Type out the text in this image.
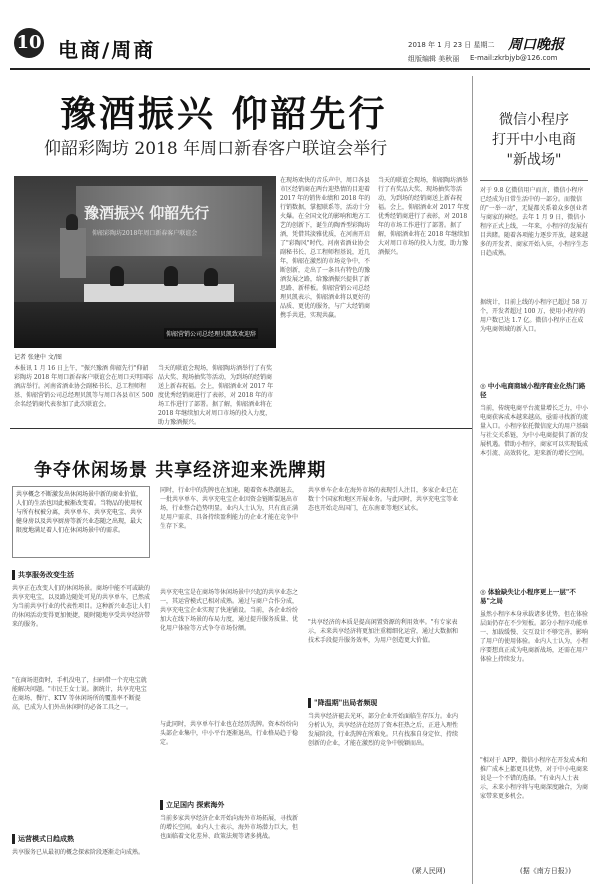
10 电商/周商	2018 年 1 月 23 日 星期二
组版编辑 美秋丽 E-mail:zkrbjyb@126.com
周口晚报
豫酒振兴 仰韶先行
仰韶彩陶坊 2018 年周口新春客户联谊会举行
豫酒振兴 仰韶先行
仰韶彩陶坊2018年周口新春客户联谊会
仰韶营销公司总经理贝凯致欢迎辞
记者 张建中 文/图
本报讯 1 月 16 日上午，"振兴豫酒 仰韶先行"仰韶彩陶坊 2018 年周口新春客户联谊会在周口天明国际酒店举行。河南省酒业协会副秘书长、总工程师程基、仰韶营销公司总经理贝凯等与周口各县市区 500 余名经销商代表参加了此次联谊会。
在现场欢快的音乐声中，周口各县市区经销商在两台迎热情的目迎着 2017 年的销售业绩和 2018 年的行销数据，掌握联系等，活动十分火爆。在全国文化的影响和地方工艺的创新下，诞生的陶香型彩陶坊酒，凭借其淡雅优质，在河南开启了"彩陶风"时代。河南省酒业协会副秘书长、总工程师程基说，近几年，仰韶在激烈的市场竞争中，不断创新，走出了一条具有特色的豫酒发展之路，给豫酒振兴提供了新思路、新样板。仰韶营销公司总经理贝凯表示，仰韶酒业将以更好的品质、更优的服务，与广大经销商携手共进，实现共赢。
当天的联谊会现场，仰韶陶坊酒举行了有奖品大奖、现场抽奖等活动，为到场的经销商送上新春祝福。会上，仰韶酒业对 2017 年度优秀经销商进行了表彰，对 2018 年的市场工作进行了部署。据了解，仰韶酒业将在 2018 年继续加大对周口市场的投入力度，助力豫酒振兴。
当天的联谊会现场，仰韶陶坊酒举行了有奖品大奖、现场抽奖等活动，为到场的经销商送上新春祝福。会上，仰韶酒业对 2017 年度优秀经销商进行了表彰，对 2018 年的市场工作进行了部署。据了解，仰韶酒业将在 2018 年继续加大对周口市场的投入力度，助力豫酒振兴。
争夺休闲场景 共享经济迎来洗牌期
共享概念不断激发出休闲场景中新的商业价值，人们的生活也因此被渐改变着。当物品的使用权与所有权被分离，共享单车、共享充电宝、共享健身房以及共享厨房等新兴业态随之出现，最大限度地满足着人们在休闲场景中的需求。
共享服务改变生活
共享正在改变人们的休闲场景。商场中能不可或缺的共享充电宝，以及路边随处可见的共享单车，已然成为当前共享行业的代表性项目。这种新兴业态让人们的休闲活动变得更加便捷，随时随地享受共享经济带来的服务。
"在商场逛街时，手机没电了，扫码借一个充电宝就能解决问题。"市民王女士说。据统计，共享充电宝在商场、餐厅、KTV 等休闲场所的覆盖率不断提高，已成为人们外出休闲时的必备工具之一。
运营模式日趋成熟
共享服务已从最初的概念探索阶段逐渐走向成熟。
同时，行业中的洗牌也在加速。随着资本热潮退去，一批共享单车、共享充电宝企业因资金链断裂退出市场，行业整合趋势明显。业内人士认为，只有真正满足用户需求、具备持续盈利能力的企业才能在竞争中生存下来。
共享充电宝是在商场等休闲场景中兴起的共享业态之一，其运营模式已相对成熟。通过与商户合作分成，共享充电宝企业实现了快速铺设。当前，各企业纷纷加大在线下场景的布局力度，通过提升服务质量、优化用户体验等方式争夺市场份额。
与此同时，共享单车行业也在经历洗牌。资本纷纷向头部企业集中，中小平台逐渐退出，行业格局趋于稳定。
立足国内 探索海外
当前多家共享经济企业开始向海外市场拓展，寻找新的增长空间。业内人士表示，海外市场潜力巨大，但也面临着文化差异、政策法规等诸多挑战。
共享单车企业在海外市场的表现引人注目，多家企业已在数十个国家和地区开展业务。与此同时，共享充电宝等业态也开始走出国门，在东南亚等地区试水。
"共享经济的本质是提高闲置资源的利用效率。"有专家表示，未来共享经济将更加注重精细化运营，通过大数据和技术手段提升服务效率，为用户创造更大价值。
"降温期"出局者频现
当共享经济褪去光环，部分企业开始面临生存压力。业内分析认为，共享经济在经历了资本狂热之后，正进入理性发展阶段，行业洗牌在所难免。只有找准自身定位、持续创新的企业，才能在激烈的竞争中脱颖而出。
(紧人民网)
微信小程序
打开中小电商
"新战场"
对于 9.8 亿微信用户而言，微信小程序已经成为日常生活中的一部分。而微信的"一举一动"，无疑都关系着众多创业者与商家的神经。去年 1 月 9 日，微信小程序正式上线，一年来，小程序的发展有目共睹。随着各项能力逐步开放，越来越多的开发者、商家开始入驻，小程序生态日趋成熟。
据统计，目前上线的小程序已超过 58 万个，开发者超过 100 万，使用小程序的用户数已达 1.7 亿。微信小程序正在成为电商领域的新入口。
◎ 中小电商商城小程序商业化热门路径
当前，传统电商平台流量增长乏力，中小电商获客成本越来越高，亟需寻找新的流量入口。小程序依托微信庞大的用户基础与社交关系链，为中小电商提供了新的发展机遇。借助小程序，商家可以实现低成本引流、高效转化，迎来新的增长空间。
◎ 体验缺失让小程序更上一层"不易"之局
虽然小程序本身承载诸多优势，但在体验层面仍存在不少短板。部分小程序功能单一、加载缓慢、交互设计不够完善，影响了用户的使用体验。业内人士认为，小程序要想真正成为电商新战场，还需在用户体验上持续发力。
"相对于 APP，微信小程序在开发成本和推广成本上都更具优势，对于中小电商来说是一个不错的选择。"有业内人士表示，未来小程序将与电商深度融合，为商家带来更多机会。
(据《南方日报》)
